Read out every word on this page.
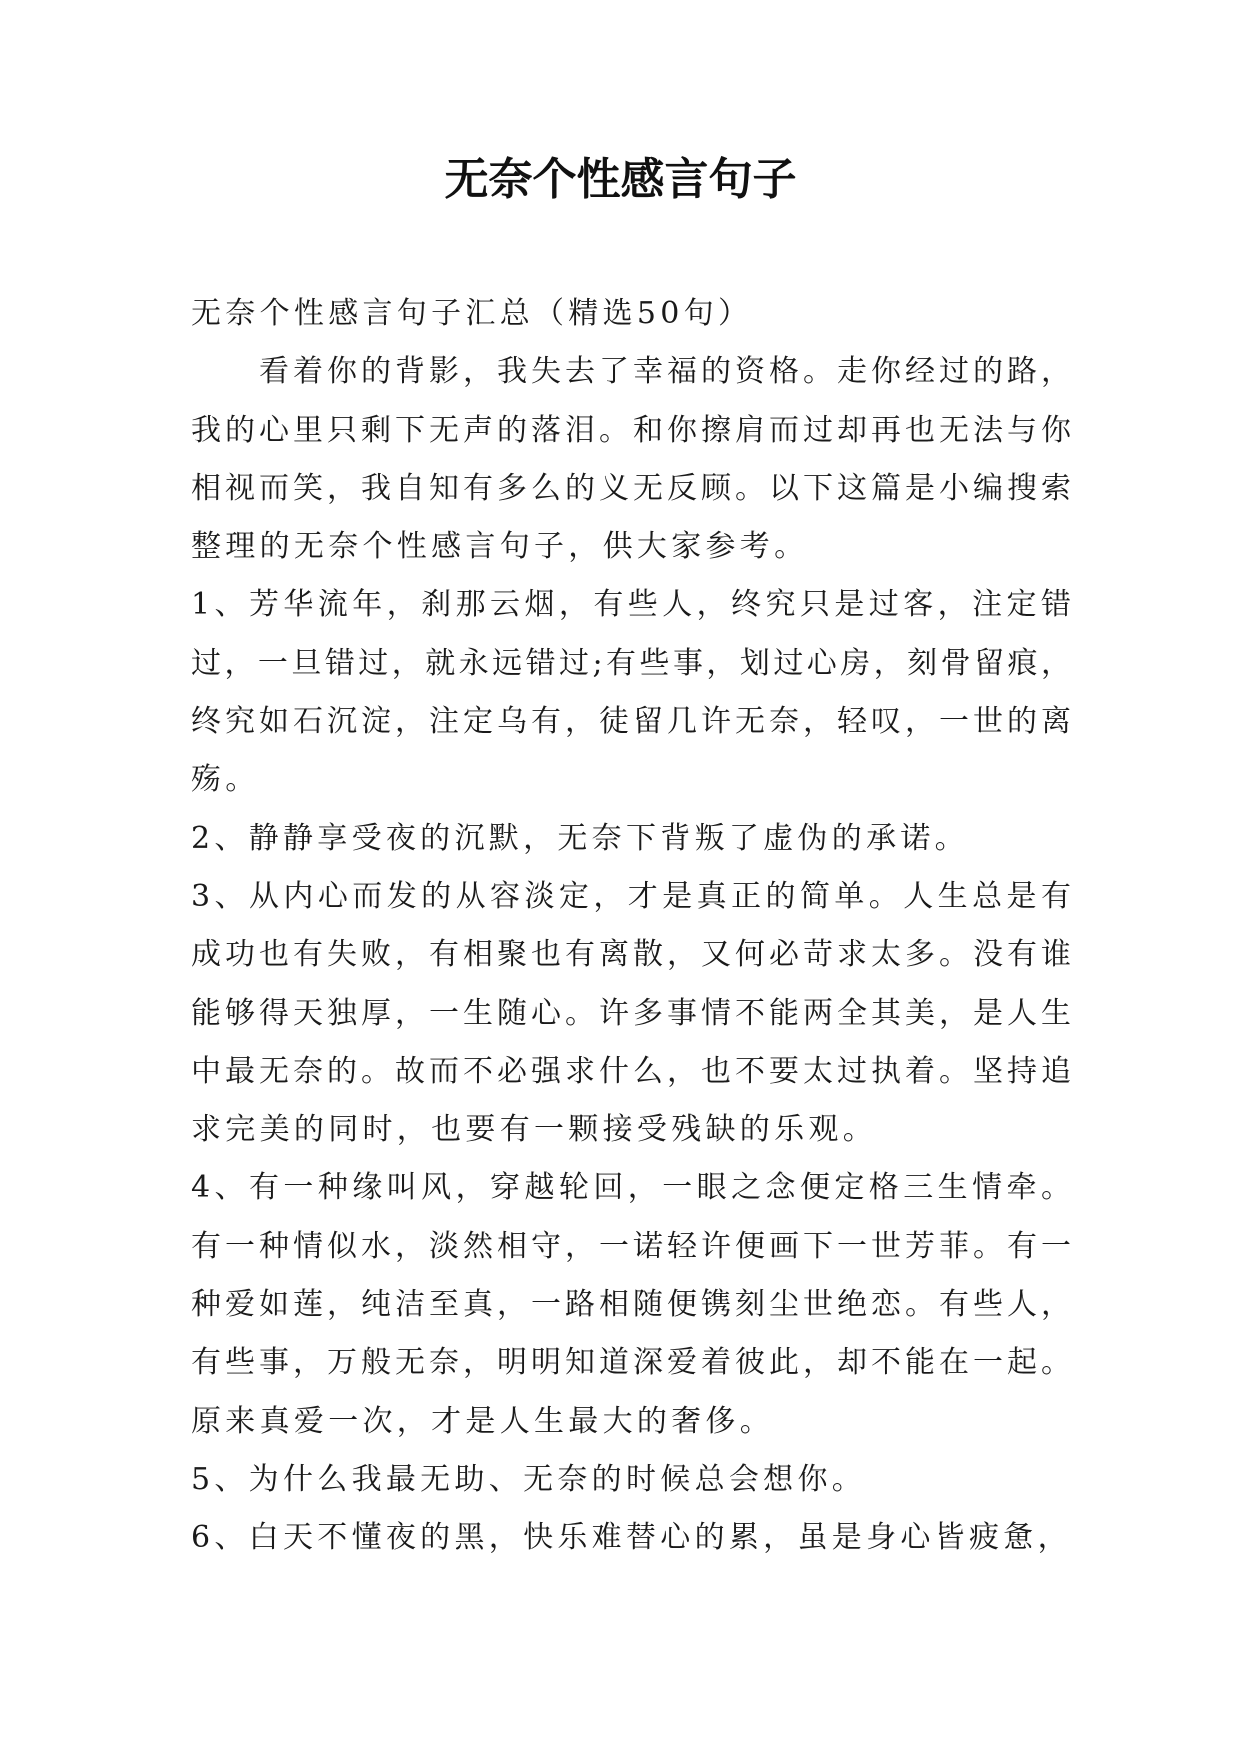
无奈个性感言句子

无奈个性感言句子汇总（精选50句）

看着你的背影，我失去了幸福的资格。走你经过的路，

我的心里只剩下无声的落泪。和你擦肩而过却再也无法与你

相视而笑，我自知有多么的义无反顾。以下这篇是小编搜索

整理的无奈个性感言句子，供大家参考。

1、芳华流年，刹那云烟，有些人，终究只是过客，注定错

过，一旦错过，就永远错过;有些事，划过心房，刻骨留痕，

终究如石沉淀，注定乌有，徒留几许无奈，轻叹，一世的离

殇。

2、静静享受夜的沉默，无奈下背叛了虚伪的承诺。

3、从内心而发的从容淡定，才是真正的简单。人生总是有

成功也有失败，有相聚也有离散，又何必苛求太多。没有谁

能够得天独厚，一生随心。许多事情不能两全其美，是人生

中最无奈的。故而不必强求什么，也不要太过执着。坚持追

求完美的同时，也要有一颗接受残缺的乐观。

4、有一种缘叫风，穿越轮回，一眼之念便定格三生情牵。

有一种情似水，淡然相守，一诺轻许便画下一世芳菲。有一

种爱如莲，纯洁至真，一路相随便镌刻尘世绝恋。有些人，

有些事，万般无奈，明明知道深爱着彼此，却不能在一起。

原来真爱一次，才是人生最大的奢侈。

5、为什么我最无助、无奈的时候总会想你。

6、白天不懂夜的黑，快乐难替心的累，虽是身心皆疲惫，
